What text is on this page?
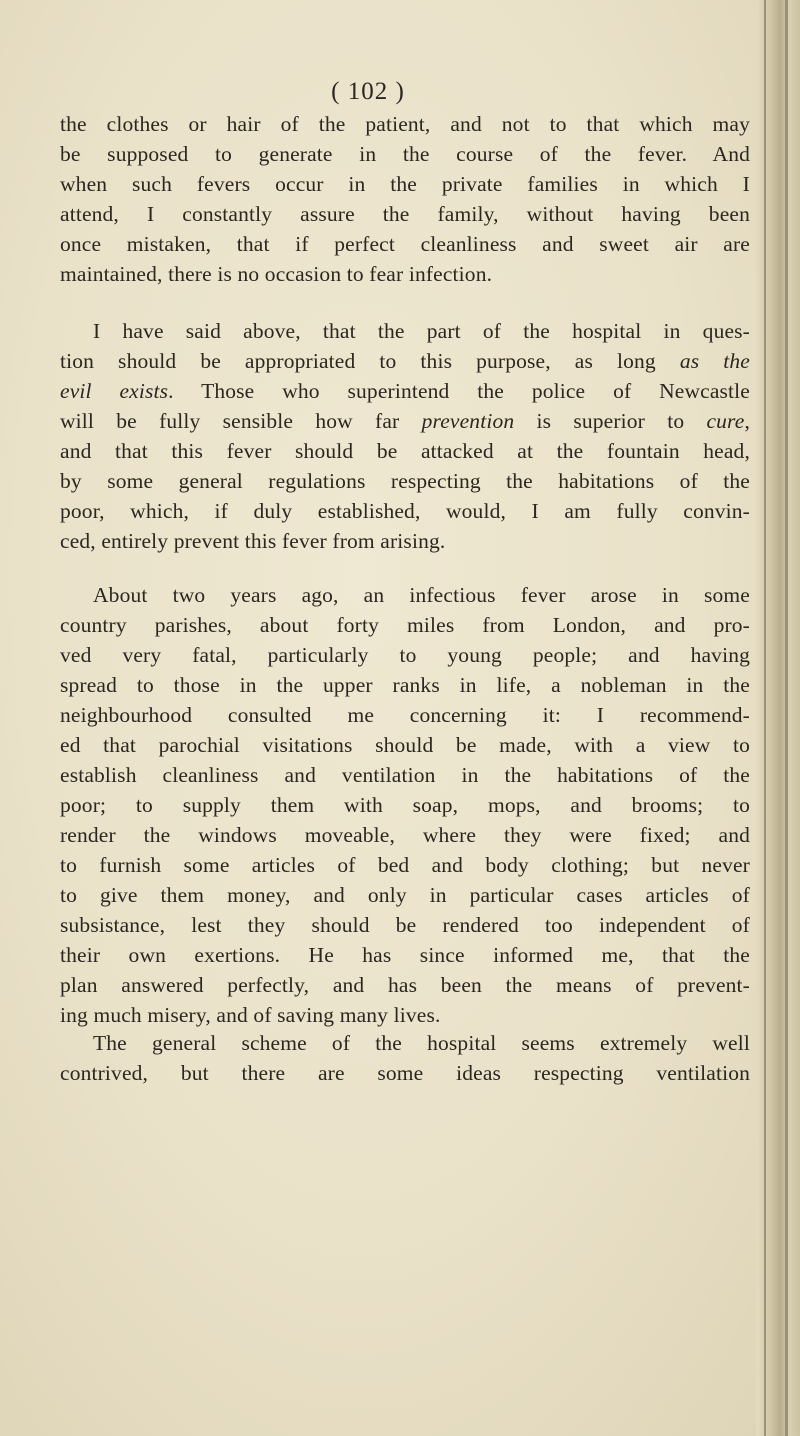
( 102 )
the clothes or hair of the patient, and not to that which may
be supposed to generate in the course of the fever. And
when such fevers occur in the private families in which I
attend, I constantly assure the family, without having been
once mistaken, that if perfect cleanliness and sweet air are
maintained, there is no occasion to fear infection.
I have said above, that the part of the hospital in ques-
tion should be appropriated to this purpose, as long as the
evil exists. Those who superintend the police of Newcastle
will be fully sensible how far prevention is superior to cure,
and that this fever should be attacked at the fountain head,
by some general regulations respecting the habitations of the
poor, which, if duly established, would, I am fully convin-
ced, entirely prevent this fever from arising.
About two years ago, an infectious fever arose in some
country parishes, about forty miles from London, and pro-
ved very fatal, particularly to young people; and having
spread to those in the upper ranks in life, a nobleman in the
neighbourhood consulted me concerning it: I recommend-
ed that parochial visitations should be made, with a view to
establish cleanliness and ventilation in the habitations of the
poor; to supply them with soap, mops, and brooms; to
render the windows moveable, where they were fixed; and
to furnish some articles of bed and body clothing; but never
to give them money, and only in particular cases articles of
subsistance, lest they should be rendered too independent of
their own exertions. He has since informed me, that the
plan answered perfectly, and has been the means of prevent-
ing much misery, and of saving many lives.
The general scheme of the hospital seems extremely well
contrived, but there are some ideas respecting ventilation
